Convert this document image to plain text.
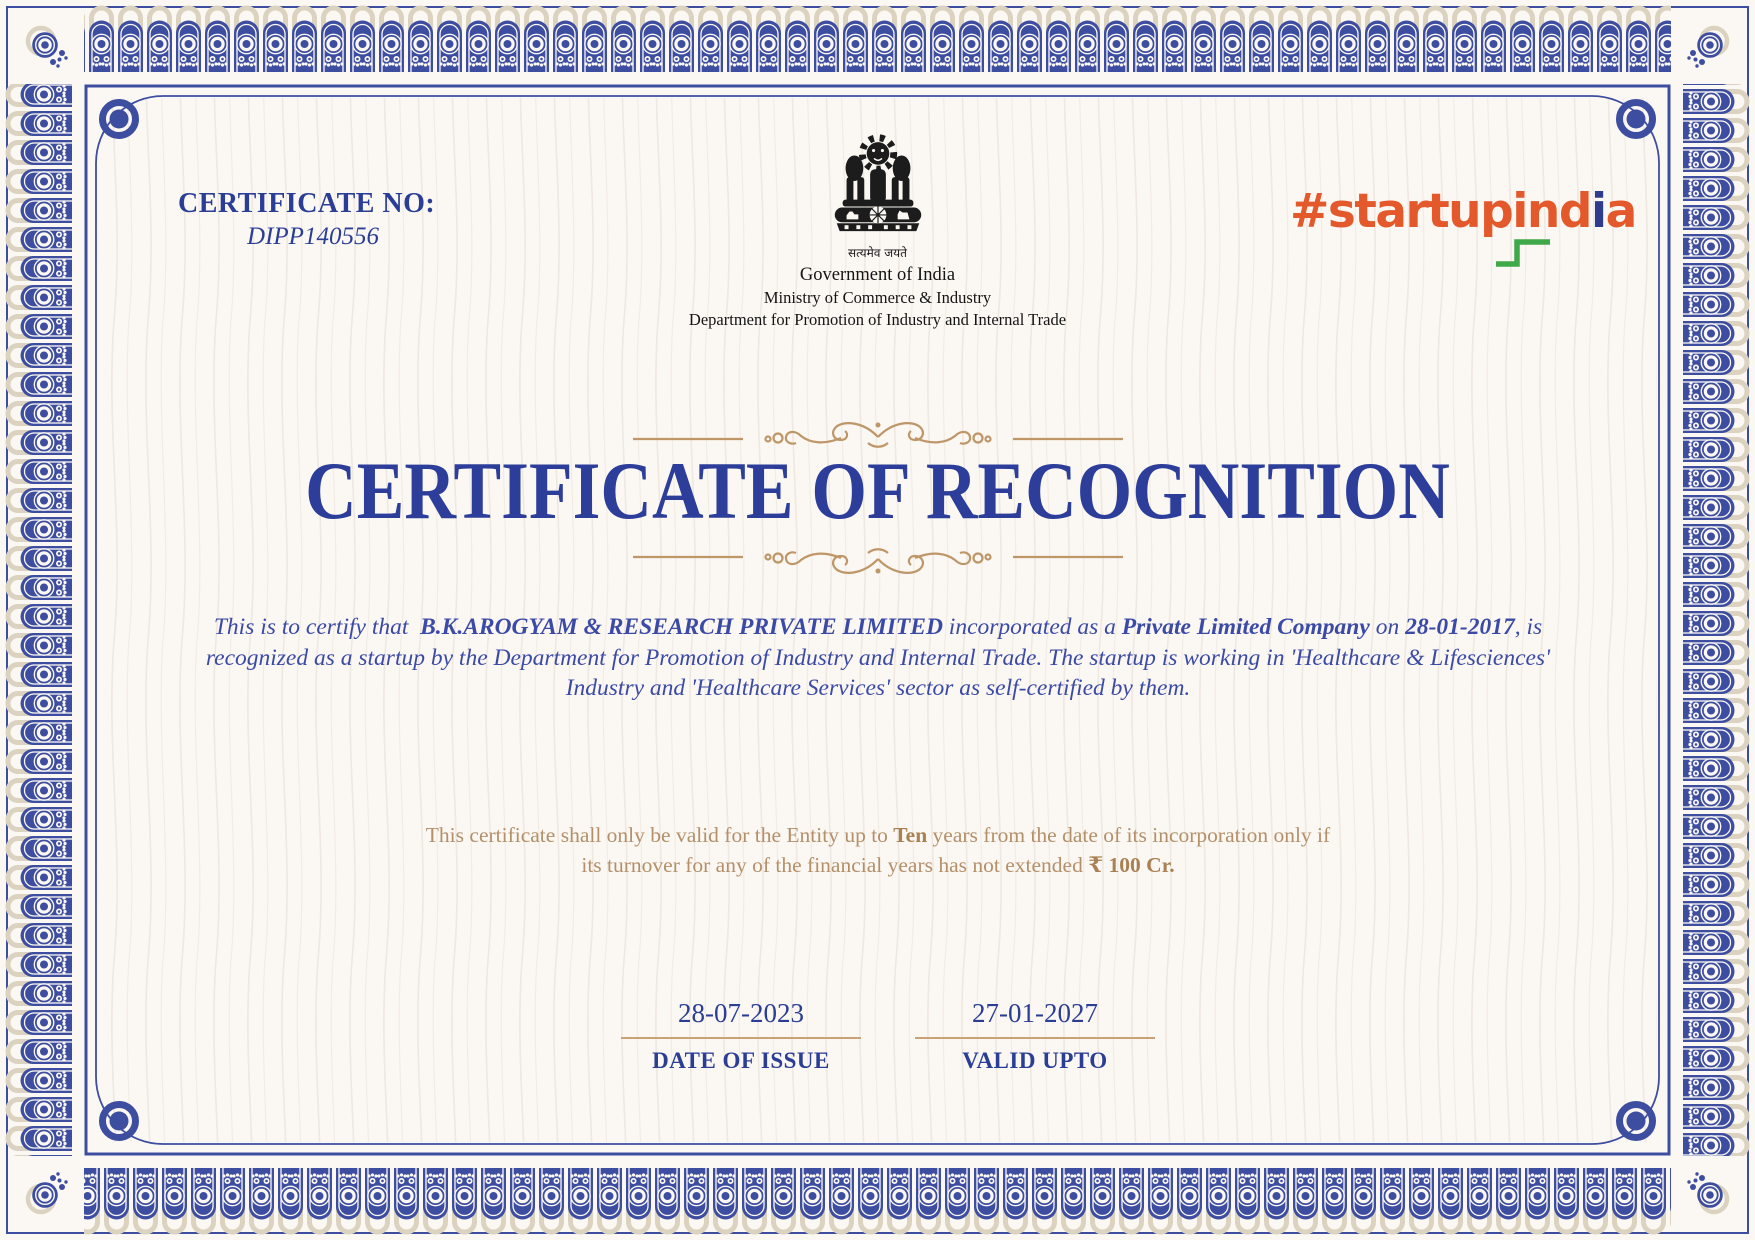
CERTIFICATE NO:
DIPP140556
सत्यमेव जयते
Government of India
Ministry of Commerce & Industry
Department for Promotion of Industry and Internal Trade
#startupindia
CERTIFICATE OF RECOGNITION
This is to certify that  B.K.AROGYAM & RESEARCH PRIVATE LIMITED incorporated as a Private Limited Company on 28-01-2017, is recognized as a startup by the Department for Promotion of Industry and Internal Trade. The startup is working in 'Healthcare & Lifesciences' Industry and 'Healthcare Services' sector as self-certified by them.
This certificate shall only be valid for the Entity up to Ten years from the date of its incorporation only if its turnover for any of the financial years has not extended ₹ 100 Cr.
28-07-2023
DATE OF ISSUE
27-01-2027
VALID UPTO
